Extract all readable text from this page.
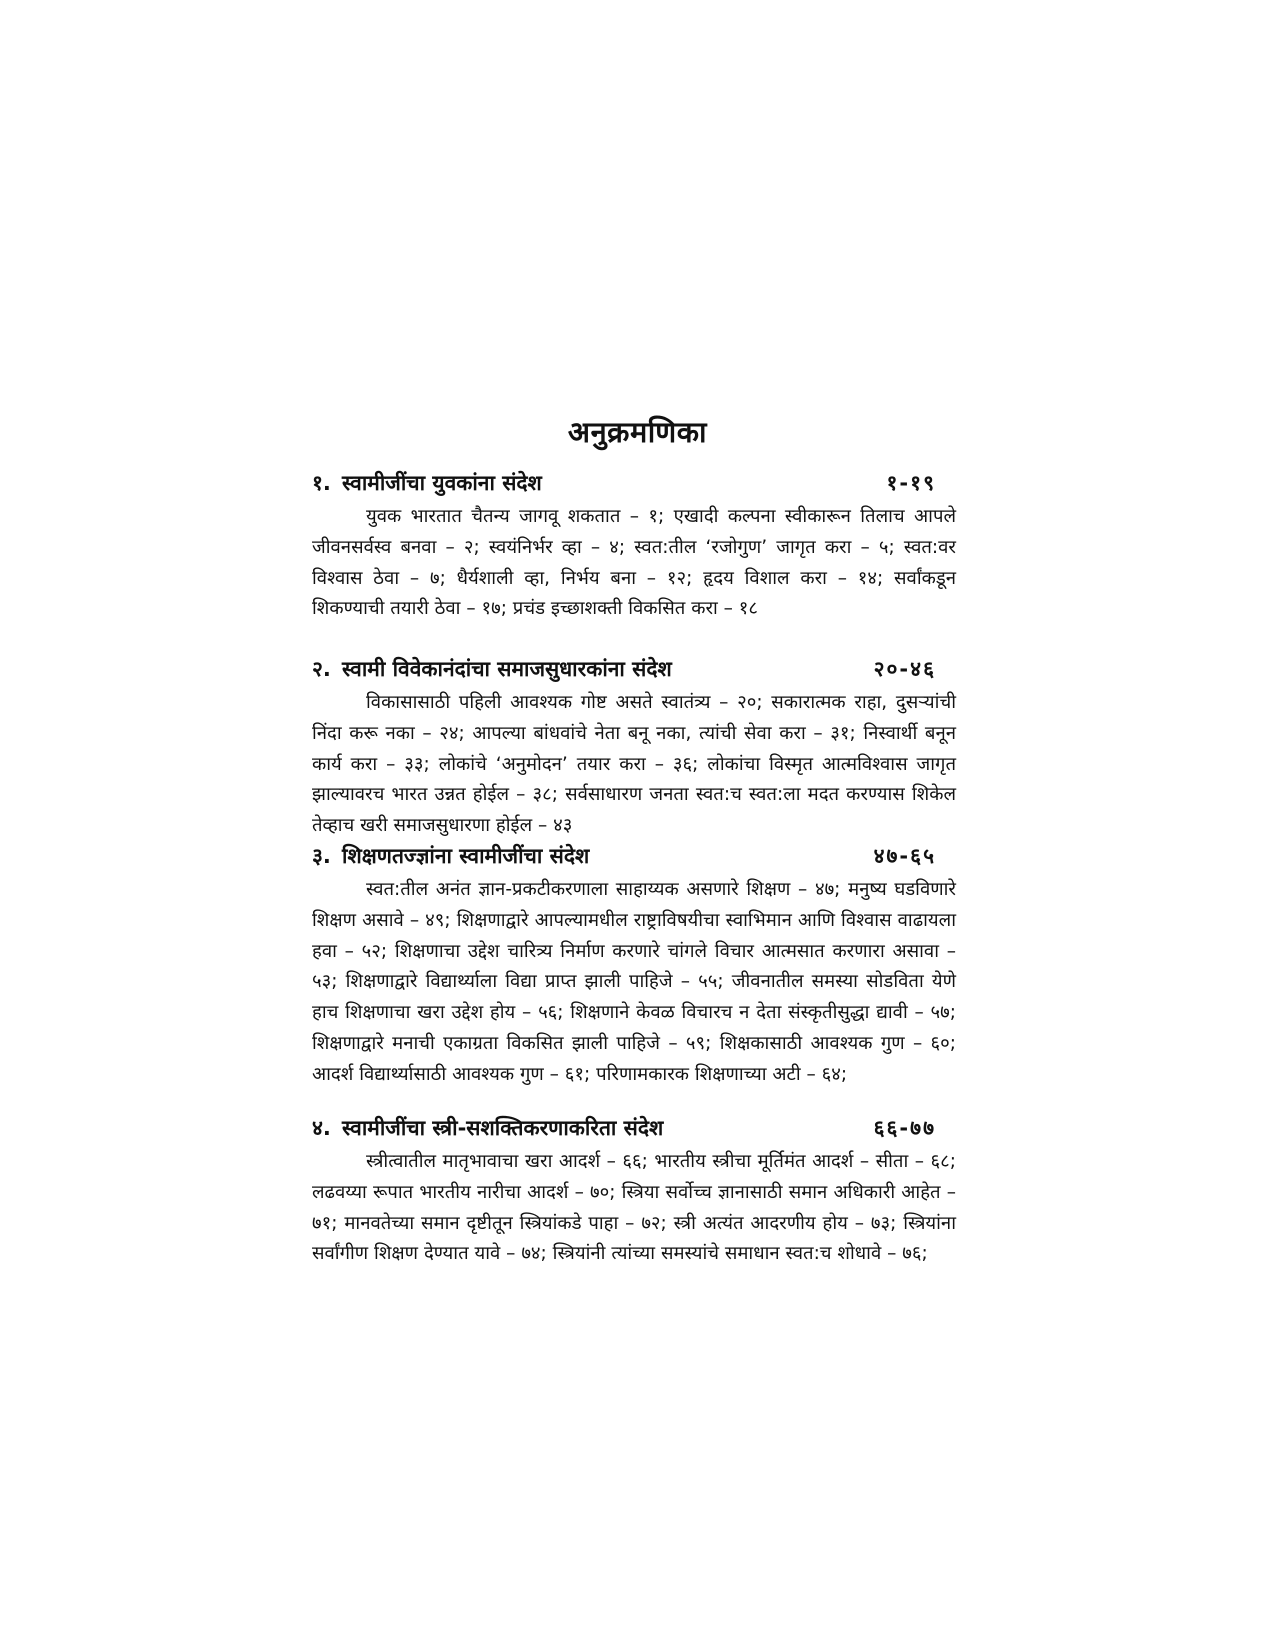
अनुक्रमणिका
१. स्वामीजींचा युवकांना संदेश	१-१९

युवक भारतात चैतन्य जागवू शकतात – १; एखादी कल्पना स्वीकारून तिलाच आपले जीवनसर्वस्व बनवा – २; स्वयंनिर्भर व्हा – ४; स्वत:तील ‘रजोगुण’ जागृत करा – ५; स्वत:वर विश्वास ठेवा – ७; धैर्यशाली व्हा, निर्भय बना – १२; हृदय विशाल करा – १४; सर्वांकडून शिकण्याची तयारी ठेवा – १७; प्रचंड इच्छाशक्ती विकसित करा – १८

२. स्वामी विवेकानंदांचा समाजसुधारकांना संदेश	२०-४६

विकासासाठी पहिली आवश्यक गोष्ट असते स्वातंत्र्य – २०; सकारात्मक राहा, दुसऱ्यांची निंदा करू नका – २४; आपल्या बांधवांचे नेता बनू नका, त्यांची सेवा करा – ३१; निस्वार्थी बनून कार्य करा – ३३; लोकांचे ‘अनुमोदन’ तयार करा – ३६; लोकांचा विस्मृत आत्मविश्वास जागृत झाल्यावरच भारत उन्नत होईल – ३८; सर्वसाधारण जनता स्वत:च स्वत:ला मदत करण्यास शिकेल तेव्हाच खरी समाजसुधारणा होईल – ४३

३. शिक्षणतज्ज्ञांना स्वामीजींचा संदेश	४७-६५

स्वत:तील अनंत ज्ञान-प्रकटीकरणाला साहाय्यक असणारे शिक्षण – ४७; मनुष्य घडविणारे शिक्षण असावे – ४९; शिक्षणाद्वारे आपल्यामधील राष्ट्राविषयीचा स्वाभिमान आणि विश्वास वाढायला हवा – ५२; शिक्षणाचा उद्देश चारित्र्य निर्माण करणारे चांगले विचार आत्मसात करणारा असावा – ५३; शिक्षणाद्वारे विद्यार्थ्याला विद्या प्राप्त झाली पाहिजे – ५५; जीवनातील समस्या सोडविता येणे हाच शिक्षणाचा खरा उद्देश होय – ५६; शिक्षणाने केवळ विचारच न देता संस्कृतीसुद्धा द्यावी – ५७; शिक्षणाद्वारे मनाची एकाग्रता विकसित झाली पाहिजे – ५९; शिक्षकासाठी आवश्यक गुण – ६०; आदर्श विद्यार्थ्यासाठी आवश्यक गुण – ६१; परिणामकारक शिक्षणाच्या अटी – ६४;

४. स्वामीजींचा स्त्री-सशक्तिकरणाकरिता संदेश	६६-७७

स्त्रीत्वातील मातृभावाचा खरा आदर्श – ६६; भारतीय स्त्रीचा मूर्तिमंत आदर्श – सीता – ६८; लढवय्या रूपात भारतीय नारीचा आदर्श – ७०; स्त्रिया सर्वोच्च ज्ञानासाठी समान अधिकारी आहेत – ७१; मानवतेच्या समान दृष्टीतून स्त्रियांकडे पाहा – ७२; स्त्री अत्यंत आदरणीय होय – ७३; स्त्रियांना सर्वांगीण शिक्षण देण्यात यावे – ७४; स्त्रियांनी त्यांच्या समस्यांचे समाधान स्वत:च शोधावे – ७६;
